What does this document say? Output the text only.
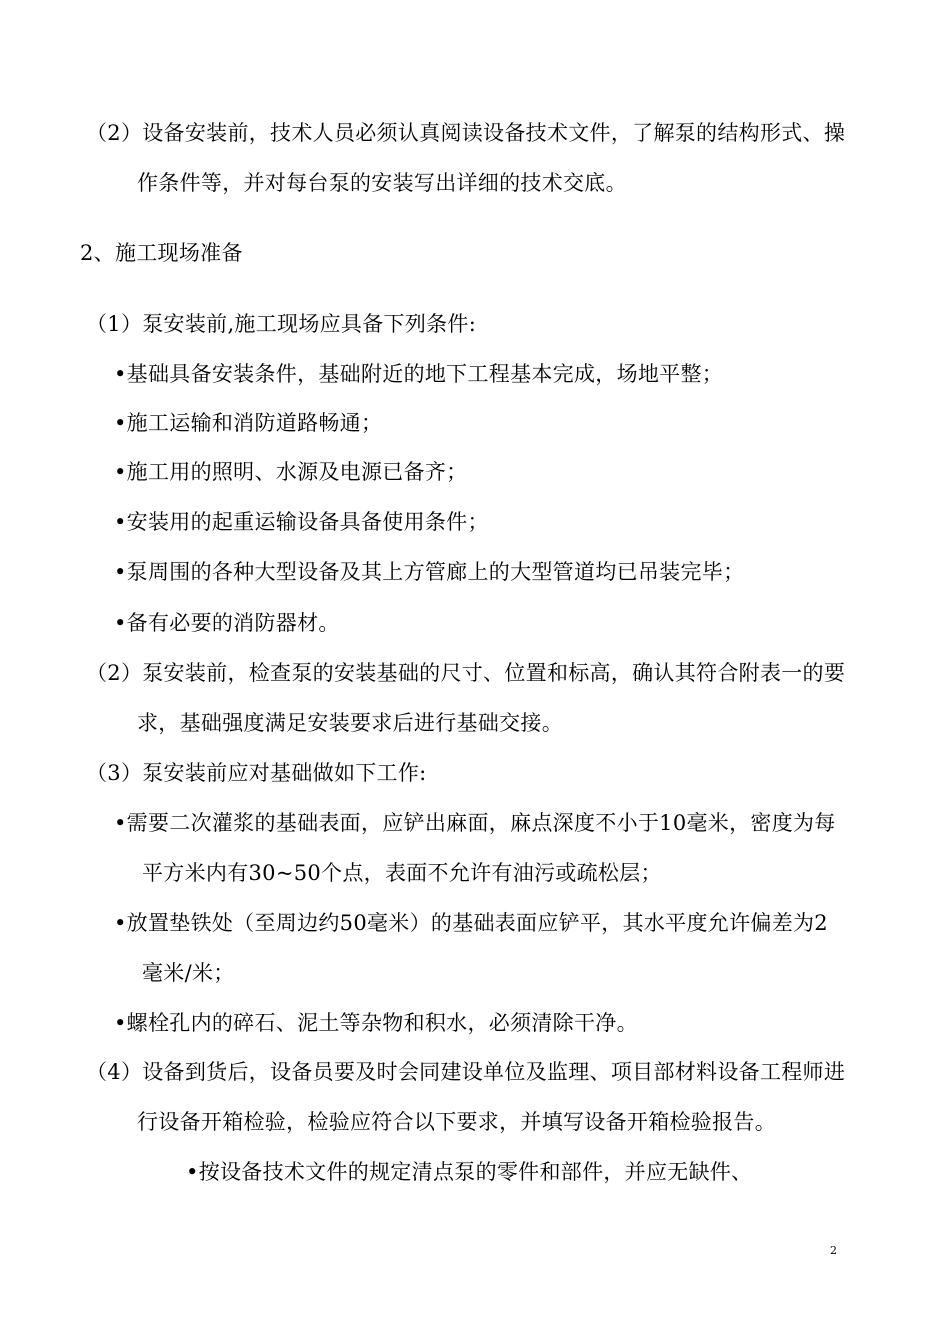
（2）设备安装前，技术人员必须认真阅读设备技术文件，了解泵的结构形式、操
作条件等，并对每台泵的安装写出详细的技术交底。
2、施工现场准备
（1）泵安装前,施工现场应具备下列条件:
•基础具备安装条件，基础附近的地下工程基本完成，场地平整；
•施工运输和消防道路畅通；
•施工用的照明、水源及电源已备齐；
•安装用的起重运输设备具备使用条件；
•泵周围的各种大型设备及其上方管廊上的大型管道均已吊装完毕；
•备有必要的消防器材。
（2）泵安装前，检查泵的安装基础的尺寸、位置和标高，确认其符合附表一的要
求，基础强度满足安装要求后进行基础交接。
（3）泵安装前应对基础做如下工作:
•需要二次灌浆的基础表面，应铲出麻面，麻点深度不小于10毫米，密度为每
平方米内有30~50个点，表面不允许有油污或疏松层；
•放置垫铁处（至周边约50毫米）的基础表面应铲平，其水平度允许偏差为2
毫米/米；
•螺栓孔内的碎石、泥土等杂物和积水，必须清除干净。
（4）设备到货后，设备员要及时会同建设单位及监理、项目部材料设备工程师进
行设备开箱检验，检验应符合以下要求，并填写设备开箱检验报告。
•按设备技术文件的规定清点泵的零件和部件，并应无缺件、
2
